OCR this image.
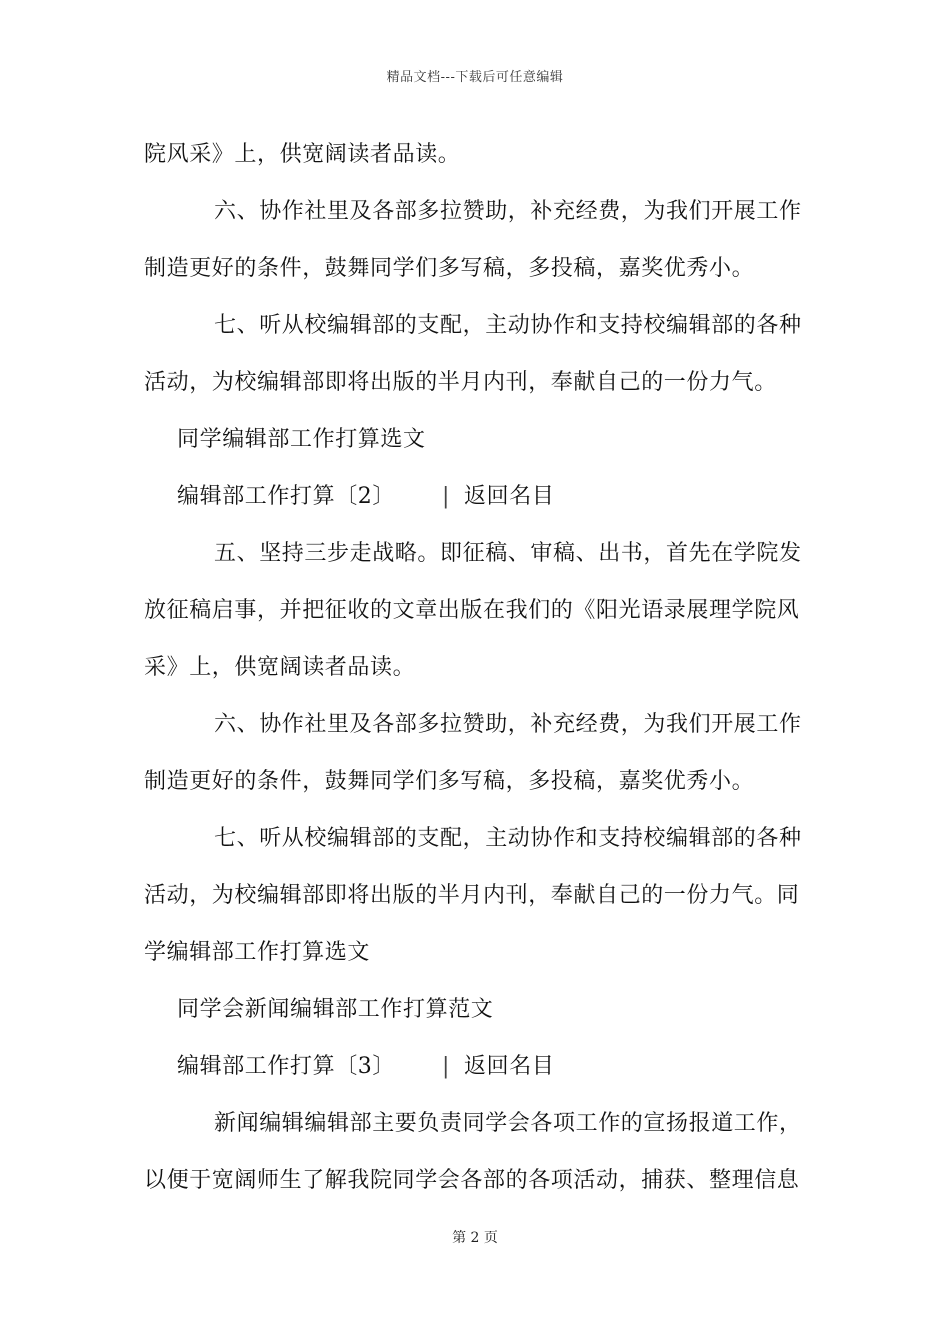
精品文档---下载后可任意编辑

院风采》上，供宽阔读者品读。

六、协作社里及各部多拉赞助，补充经费，为我们开展工作制造更好的条件，鼓舞同学们多写稿，多投稿，嘉奖优秀小。

七、听从校编辑部的支配，主动协作和支持校编辑部的各种活动，为校编辑部即将出版的半月内刊，奉献自己的一份力气。

同学编辑部工作打算选文

编辑部工作打算〔2〕 | 返回名目

五、坚持三步走战略。即征稿、审稿、出书，首先在学院发放征稿启事，并把征收的文章出版在我们的《阳光语录展理学院风采》上，供宽阔读者品读。

六、协作社里及各部多拉赞助，补充经费，为我们开展工作制造更好的条件，鼓舞同学们多写稿，多投稿，嘉奖优秀小。

七、听从校编辑部的支配，主动协作和支持校编辑部的各种活动，为校编辑部即将出版的半月内刊，奉献自己的一份力气。同学编辑部工作打算选文

同学会新闻编辑部工作打算范文

编辑部工作打算〔3〕 | 返回名目

新闻编辑编辑部主要负责同学会各项工作的宣扬报道工作，以便于宽阔师生了解我院同学会各部的各项活动，捕获、整理信息

第 2 页
